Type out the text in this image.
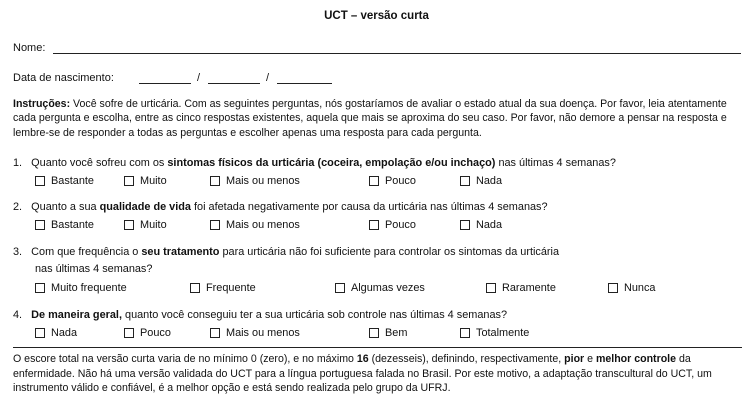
UCT – versão curta
Nome:
Data de nascimento:	/	/
Instruções: Você sofre de urticária. Com as seguintes perguntas, nós gostaríamos de avaliar o estado atual da sua doença. Por favor, leia atentamente cada pergunta e escolha, entre as cinco respostas existentes, aquela que mais se aproxima do seu caso. Por favor, não demore a pensar na resposta e lembre-se de responder a todas as perguntas e escolher apenas uma resposta para cada pergunta.
1. Quanto você sofreu com os sintomas físicos da urticária (coceira, empolação e/ou inchaço) nas últimas 4 semanas?
Bastante	Muito	Mais ou menos	Pouco	Nada
2. Quanto a sua qualidade de vida foi afetada negativamente por causa da urticária nas últimas 4 semanas?
Bastante	Muito	Mais ou menos	Pouco	Nada
3. Com que frequência o seu tratamento para urticária não foi suficiente para controlar os sintomas da urticária
nas últimas 4 semanas?
Muito frequente	Frequente	Algumas vezes	Raramente	Nunca
4. De maneira geral, quanto você conseguiu ter a sua urticária sob controle nas últimas 4 semanas?
Nada	Pouco	Mais ou menos	Bem	Totalmente
O escore total na versão curta varia de no mínimo 0 (zero), e no máximo 16 (dezesseis), definindo, respectivamente, pior e melhor controle da enfermidade. Não há uma versão validada do UCT para a língua portuguesa falada no Brasil. Por este motivo, a adaptação transcultural do UCT, um instrumento válido e confiável, é a melhor opção e está sendo realizada pelo grupo da UFRJ.
